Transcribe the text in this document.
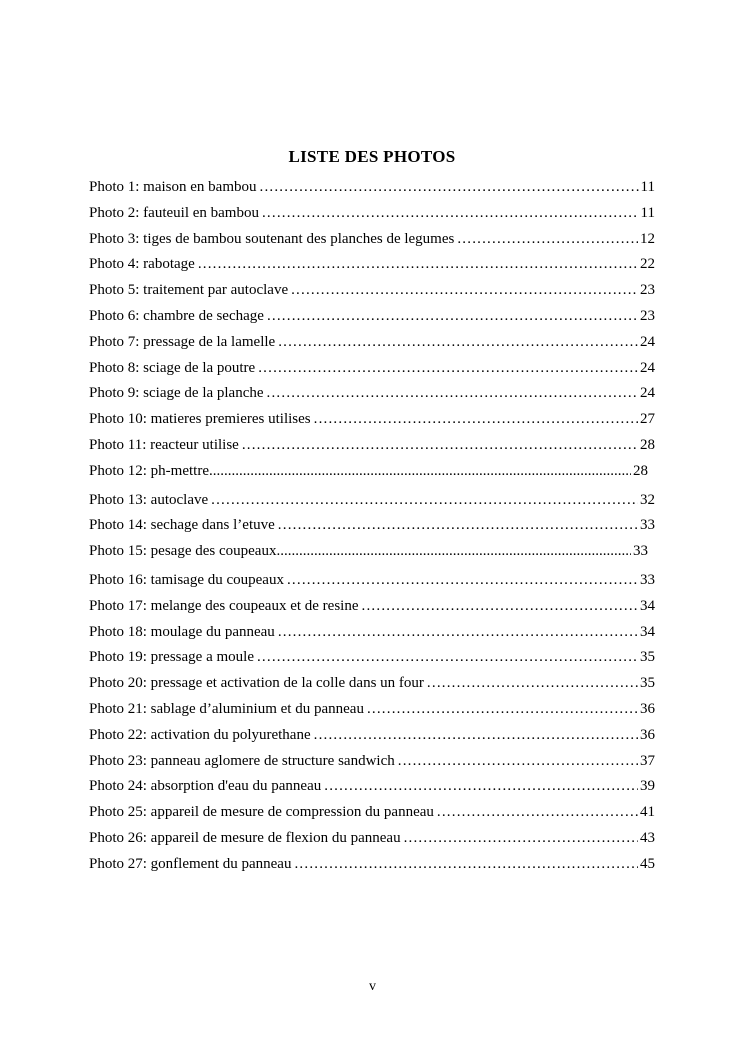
LISTE DES PHOTOS
Photo 1: maison en bambou .....	11
Photo 2: fauteuil en bambou .....	11
Photo 3: tiges de bambou soutenant des planches de legumes .....	12
Photo 4: rabotage .....	22
Photo 5: traitement par autoclave .....	23
Photo 6: chambre de sechage .....	23
Photo 7: pressage de la lamelle .....	24
Photo 8: sciage de la poutre .....	24
Photo 9: sciage de la planche .....	24
Photo 10: matieres premieres utilises .....	27
Photo 11: reacteur utilise .....	28
Photo 12: ph-mettre .....	28
Photo 13: autoclave .....	32
Photo 14: sechage dans l’etuve .....	33
Photo 15: pesage des coupeaux .....	33
Photo 16: tamisage du coupeaux .....	33
Photo 17: melange des coupeaux et de resine .....	34
Photo 18: moulage du panneau .....	34
Photo 19: pressage a moule .....	35
Photo 20: pressage et activation de la colle dans un four .....	35
Photo 21: sablage d’aluminium et du panneau .....	36
Photo 22: activation du polyurethane .....	36
Photo 23: panneau aglomere de structure sandwich .....	37
Photo 24: absorption d'eau du panneau .....	39
Photo 25: appareil de mesure de compression du panneau .....	41
Photo 26: appareil de mesure de flexion du panneau .....	43
Photo 27: gonflement du panneau .....	45
v
